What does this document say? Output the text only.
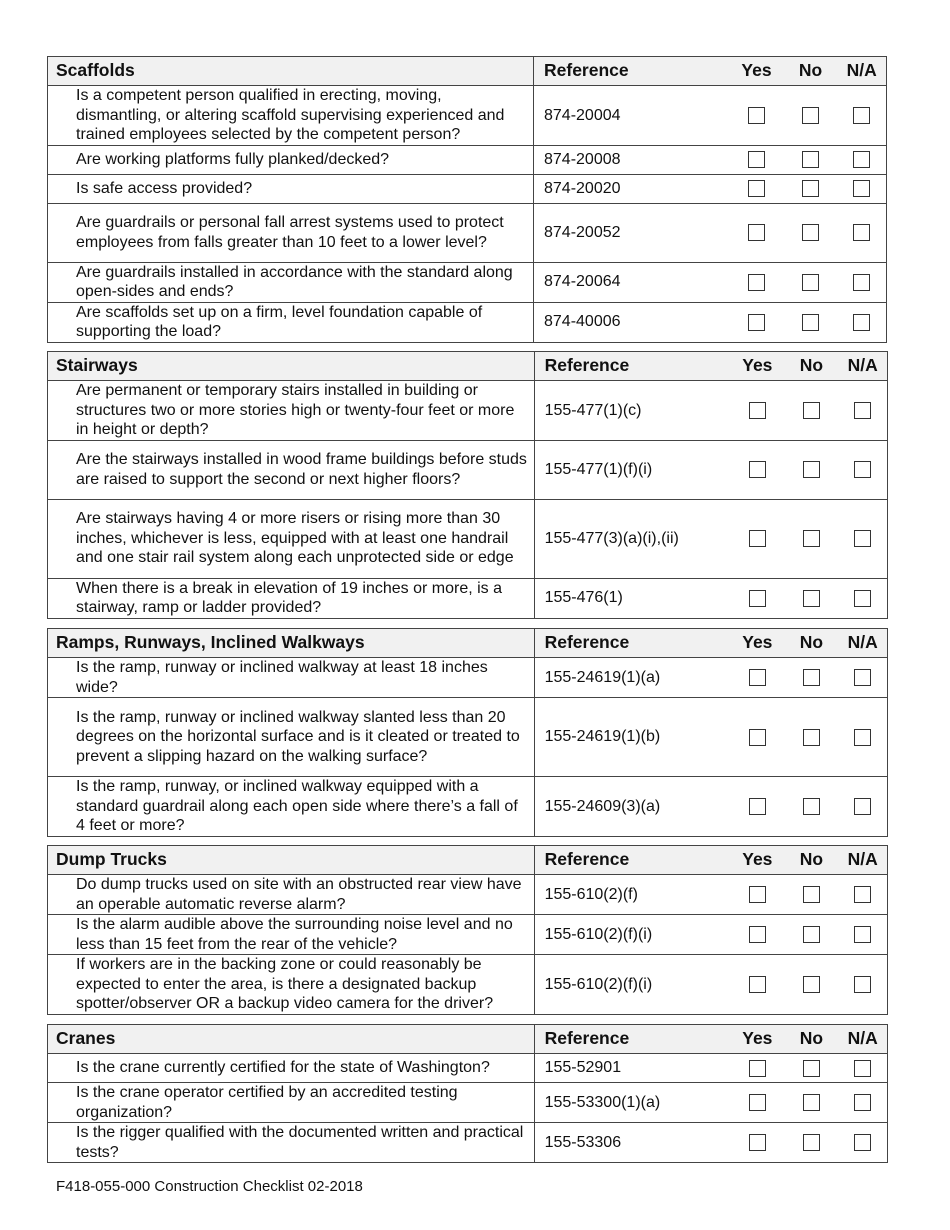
Scaffolds	Reference	Yes	No	N/A
Is a competent person qualified in erecting, moving, dismantling, or altering scaffold supervising experienced and trained employees selected by the competent person?	874-20004			
Are working platforms fully planked/decked?	874-20008			
Is safe access provided?	874-20020			
Are guardrails or personal fall arrest systems used to protect employees from falls greater than 10 feet to a lower level?	874-20052			
Are guardrails installed in accordance with the standard along open-sides and ends?	874-20064			
Are scaffolds set up on a firm, level foundation capable of supporting the load?	874-40006			
Stairways	Reference	Yes	No	N/A
Are permanent or temporary stairs installed in building or structures two or more stories high or twenty-four feet or more in height or depth?	155-477(1)(c)			
Are the stairways installed in wood frame buildings before studs are raised to support the second or next higher floors?	155-477(1)(f)(i)			
Are stairways having 4 or more risers or rising more than 30 inches, whichever is less, equipped with at least one handrail and one stair rail system along each unprotected side or edge	155-477(3)(a)(i),(ii)			
When there is a break in elevation of 19 inches or more, is a stairway, ramp or ladder provided?	155-476(1)			
Ramps, Runways, Inclined Walkways	Reference	Yes	No	N/A
Is the ramp, runway or inclined walkway at least 18 inches wide?	155-24619(1)(a)			
Is the ramp, runway or inclined walkway slanted less than 20 degrees on the horizontal surface and is it cleated or treated to prevent a slipping hazard on the walking surface?	155-24619(1)(b)			
Is the ramp, runway, or inclined walkway equipped with a standard guardrail along each open side where there’s a fall of 4 feet or more?	155-24609(3)(a)			
Dump Trucks	Reference	Yes	No	N/A
Do dump trucks used on site with an obstructed rear view have an operable automatic reverse alarm?	155-610(2)(f)			
Is the alarm audible above the surrounding noise level and no less than 15 feet from the rear of the vehicle?	155-610(2)(f)(i)			
If workers are in the backing zone or could reasonably be expected to enter the area, is there a designated backup spotter/observer OR a backup video camera for the driver?	155-610(2)(f)(i)			
Cranes	Reference	Yes	No	N/A
Is the crane currently certified for the state of Washington?	155-52901			
Is the crane operator certified by an accredited testing organization?	155-53300(1)(a)			
Is the rigger qualified with the documented written and practical tests?	155-53306			
F418-055-000 Construction Checklist 02-2018
